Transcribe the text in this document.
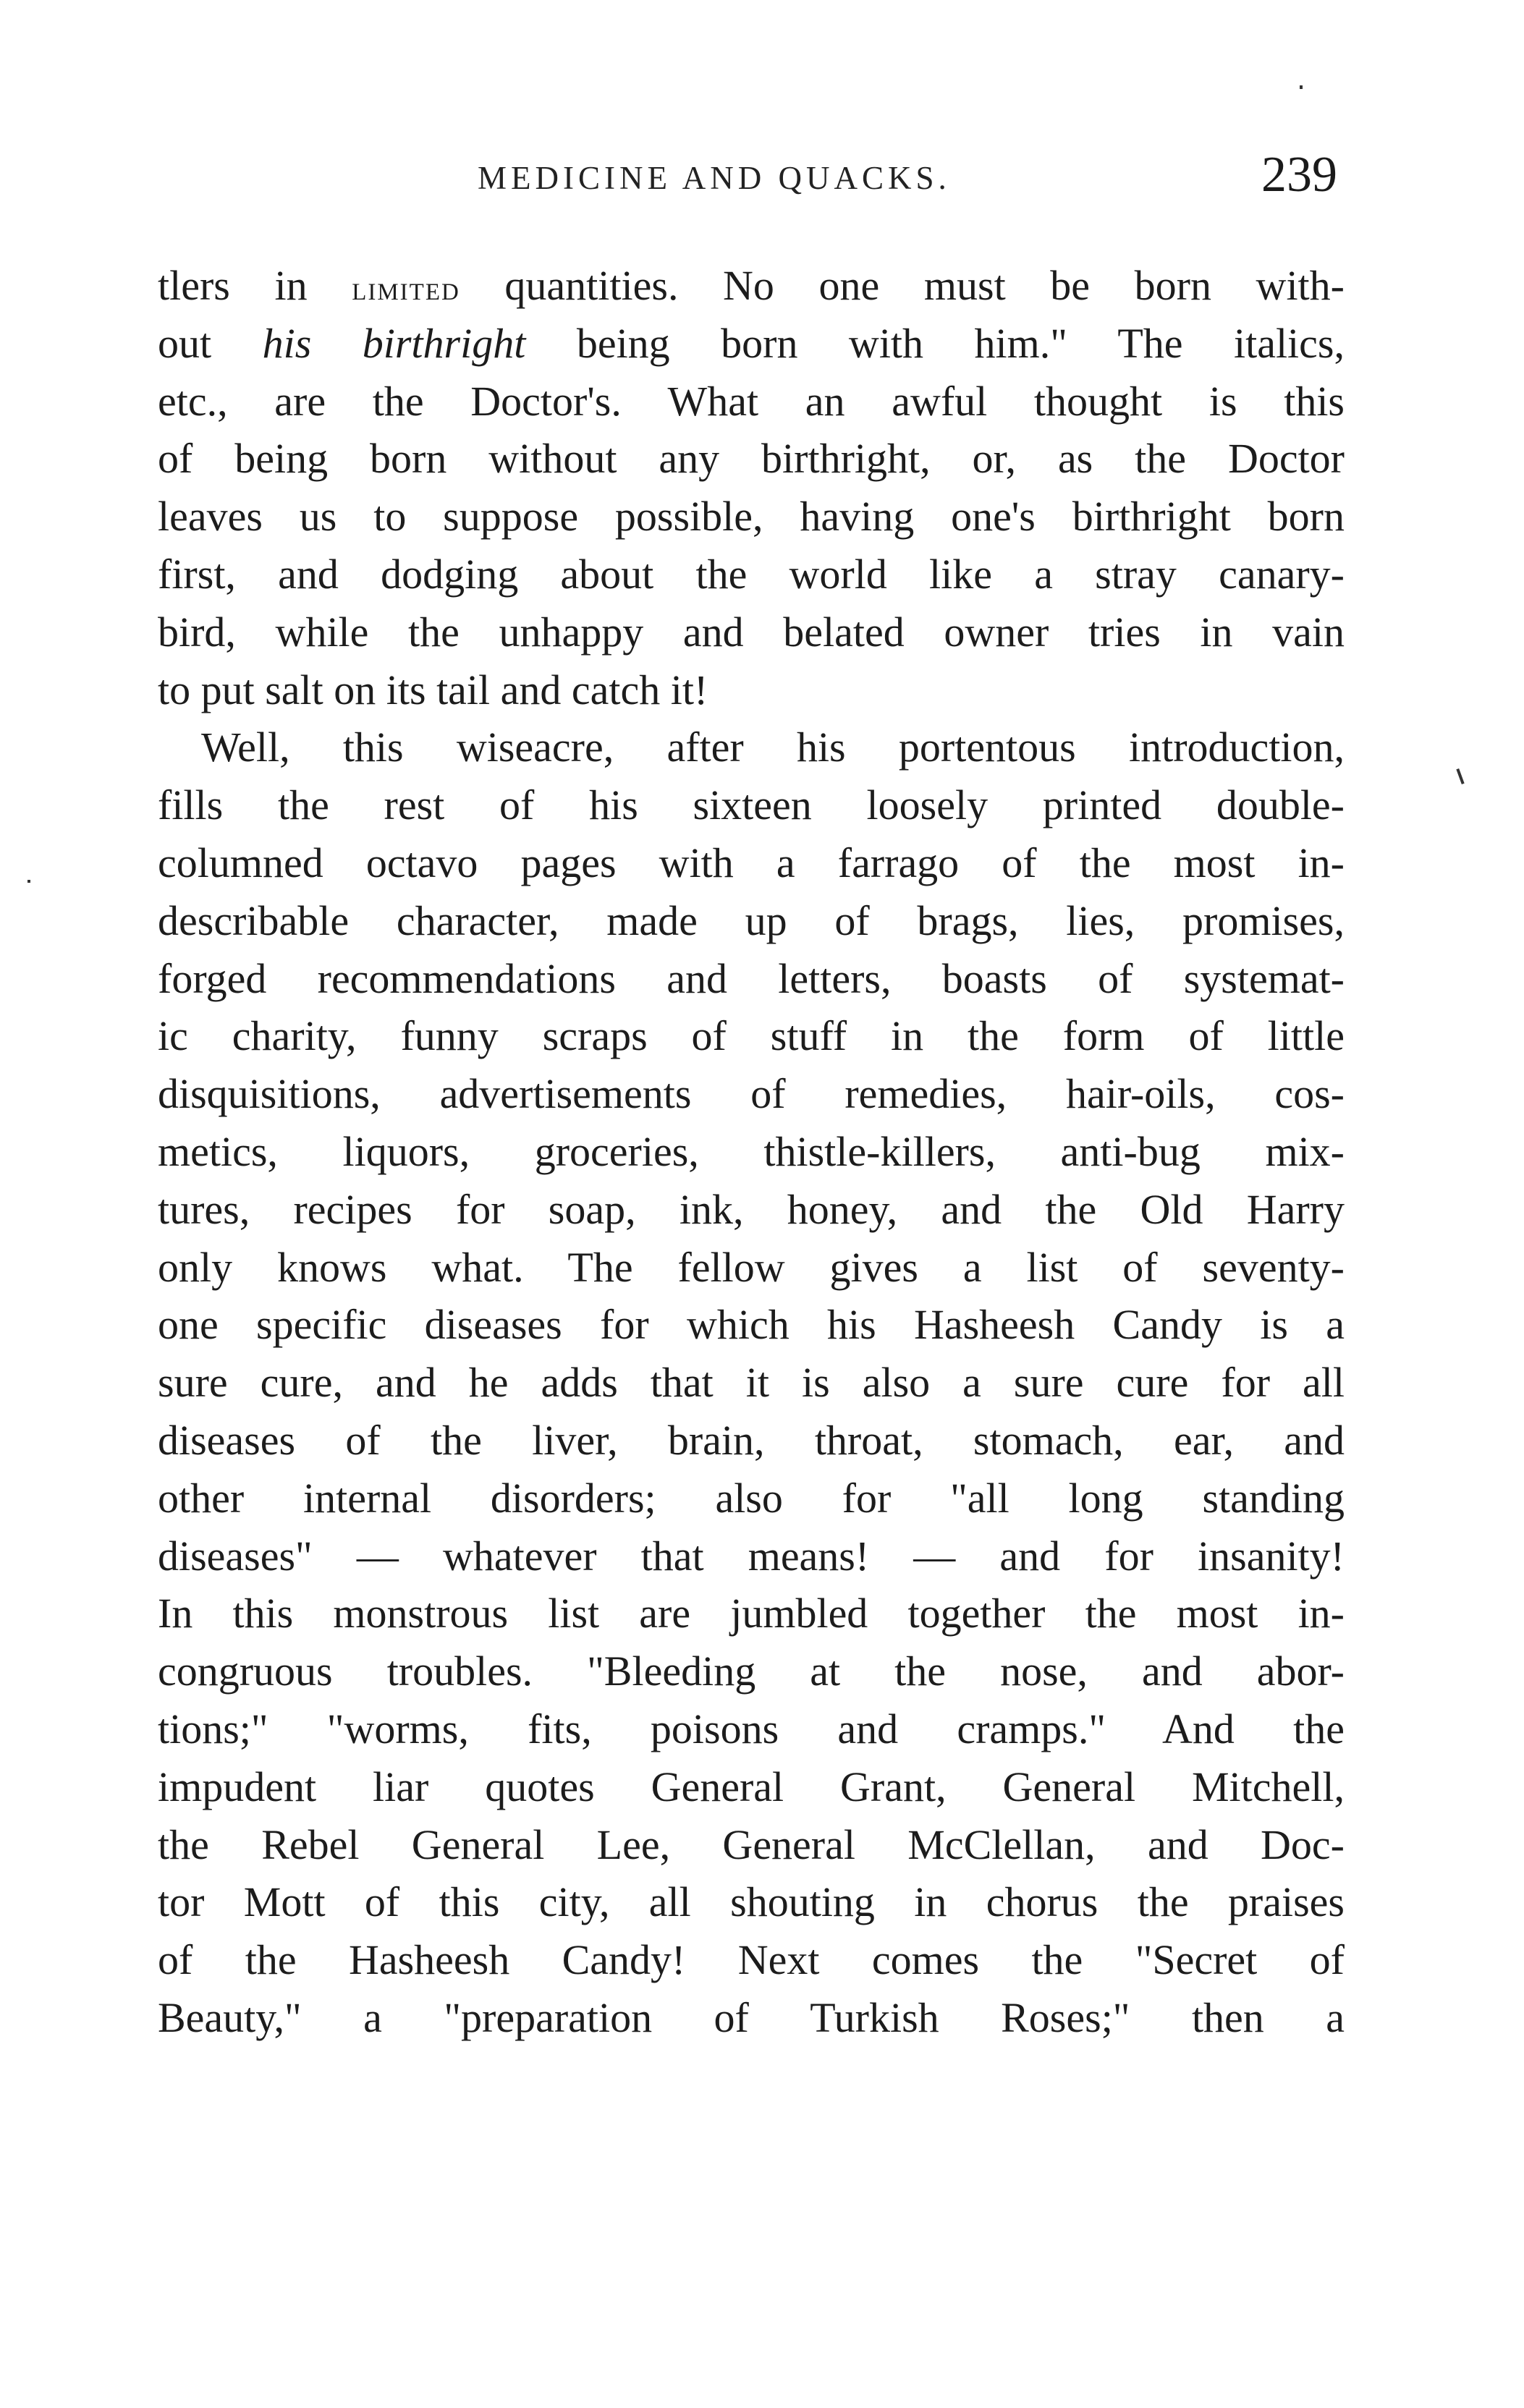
MEDICINE AND QUACKS.	239
tlers in limited quantities. No one must be born with-
out his birthright being born with him." The italics,
etc., are the Doctor's. What an awful thought is this
of being born without any birthright, or, as the Doctor
leaves us to suppose possible, having one's birthright born
first, and dodging about the world like a stray canary-
bird, while the unhappy and belated owner tries in vain
to put salt on its tail and catch it!
Well, this wiseacre, after his portentous introduction,
fills the rest of his sixteen loosely printed double-
columned octavo pages with a farrago of the most in-
describable character, made up of brags, lies, promises,
forged recommendations and letters, boasts of systemat-
ic charity, funny scraps of stuff in the form of little
disquisitions, advertisements of remedies, hair-oils, cos-
metics, liquors, groceries, thistle-killers, anti-bug mix-
tures, recipes for soap, ink, honey, and the Old Harry
only knows what. The fellow gives a list of seventy-
one specific diseases for which his Hasheesh Candy is a
sure cure, and he adds that it is also a sure cure for all
diseases of the liver, brain, throat, stomach, ear, and
other internal disorders; also for "all long standing
diseases" — whatever that means! — and for insanity!
In this monstrous list are jumbled together the most in-
congruous troubles. "Bleeding at the nose, and abor-
tions;" "worms, fits, poisons and cramps." And the
impudent liar quotes General Grant, General Mitchell,
the Rebel General Lee, General McClellan, and Doc-
tor Mott of this city, all shouting in chorus the praises
of the Hasheesh Candy! Next comes the "Secret of
Beauty," a "preparation of Turkish Roses;" then a
